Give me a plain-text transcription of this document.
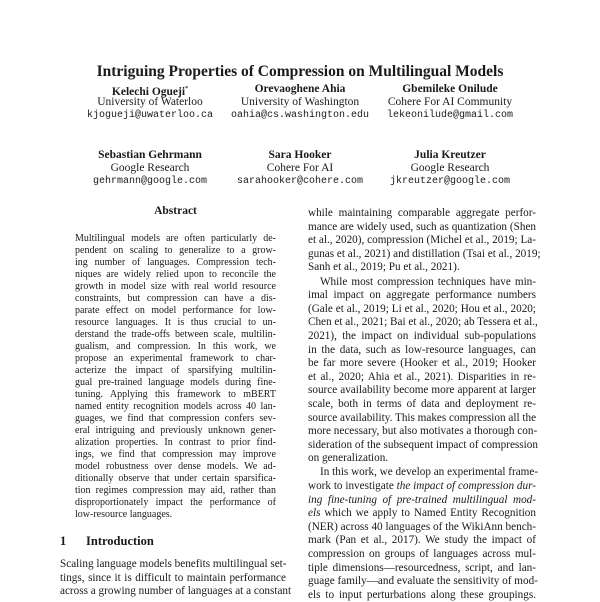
Intriguing Properties of Compression on Multilingual Models
Kelechi Ogueji*
University of Waterloo
kjogueji@uwaterloo.ca
Orevaoghene Ahia
University of Washington
oahia@cs.washington.edu
Gbemileke Onilude
Cohere For AI Community
lekeonilude@gmail.com
Sebastian Gehrmann
Google Research
gehrmann@google.com
Sara Hooker
Cohere For AI
sarahooker@cohere.com
Julia Kreutzer
Google Research
jkreutzer@google.com
Abstract
Multilingual models are often particularly de-
pendent on scaling to generalize to a grow-
ing number of languages. Compression tech-
niques are widely relied upon to reconcile the
growth in model size with real world resource
constraints, but compression can have a dis-
parate effect on model performance for low-
resource languages. It is thus crucial to un-
derstand the trade-offs between scale, multilin-
gualism, and compression. In this work, we
propose an experimental framework to char-
acterize the impact of sparsifying multilin-
gual pre-trained language models during fine-
tuning. Applying this framework to mBERT
named entity recognition models across 40 lan-
guages, we find that compression confers sev-
eral intriguing and previously unknown gener-
alization properties. In contrast to prior find-
ings, we find that compression may improve
model robustness over dense models. We ad-
ditionally observe that under certain sparsifica-
tion regimes compression may aid, rather than
disproportionately impact the performance of
low-resource languages.
1 Introduction
Scaling language models benefits multilingual set-
tings, since it is difficult to maintain performance
across a growing number of languages at a constant
while maintaining comparable aggregate perfor-
mance are widely used, such as quantization (Shen
et al., 2020), compression (Michel et al., 2019; La-
gunas et al., 2021) and distillation (Tsai et al., 2019;
Sanh et al., 2019; Pu et al., 2021).
While most compression techniques have min-
imal impact on aggregate performance numbers
(Gale et al., 2019; Li et al., 2020; Hou et al., 2020;
Chen et al., 2021; Bai et al., 2020; ab Tessera et al.,
2021), the impact on individual sub-populations
in the data, such as low-resource languages, can
be far more severe (Hooker et al., 2019; Hooker
et al., 2020; Ahia et al., 2021). Disparities in re-
source availability become more apparent at larger
scale, both in terms of data and deployment re-
source availability. This makes compression all the
more necessary, but also motivates a thorough con-
sideration of the subsequent impact of compression
on generalization.
In this work, we develop an experimental frame-
work to investigate the impact of compression dur-
ing fine-tuning of pre-trained multilingual mod-
els which we apply to Named Entity Recognition
(NER) across 40 languages of the WikiAnn bench-
mark (Pan et al., 2017). We study the impact of
compression on groups of languages across mul-
tiple dimensions—resourcedness, script, and lan-
guage family—and evaluate the sensitivity of mod-
els to input perturbations along these groupings.
